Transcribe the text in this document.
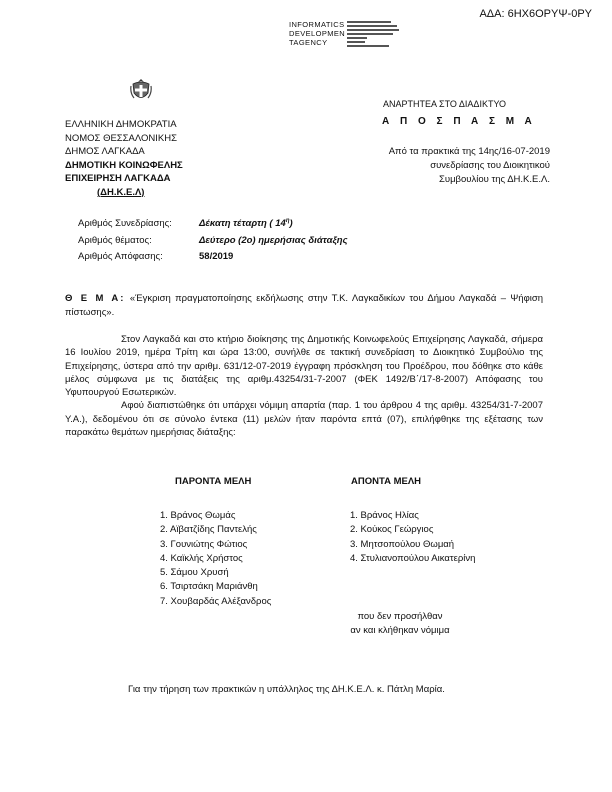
ΑΔΑ: 6ΗΧ6ΟΡΥΨ-0ΡΥ
INFORMATICS
DEVELOPMEN
TAGENCY
ΕΛΛΗΝΙΚΗ ΔΗΜΟΚΡΑΤΙΑ
ΝΟΜΟΣ ΘΕΣΣΑΛΟΝΙΚΗΣ
ΔΗΜΟΣ ΛΑΓΚΑΔΑ
ΔΗΜΟΤΙΚΗ ΚΟΙΝΩΦΕΛΗΣ
ΕΠΙΧΕΙΡΗΣΗ ΛΑΓΚΑΔΑ
(ΔΗ.Κ.Ε.Λ)
ΑΝΑΡΤΗΤΕΑ ΣΤΟ ΔΙΑΔΙΚΤΥΟ
Α Π Ο Σ Π Α Σ Μ Α
Από τα πρακτικά της 14ης/16-07-2019
συνεδρίασης του Διοικητικού
Συμβουλίου της ΔΗ.Κ.Ε.Λ.
Αριθμός Συνεδρίασης:	Δέκατη τέταρτη ( $14^\eta$)
Αριθμός θέματος:	Δεύτερο (2ο) ημερήσιας διάταξης
Αριθμός Απόφασης:	58/2019
Θ Ε Μ Α: «Έγκριση πραγματοποίησης εκδήλωσης στην Τ.Κ. Λαγκαδικίων του Δήμου Λαγκαδά – Ψήφιση πίστωσης».

Στον Λαγκαδά και στο κτήριο διοίκησης της Δημοτικής Κοινωφελούς Επιχείρησης Λαγκαδά, σήμερα 16 Ιουλίου 2019, ημέρα Τρίτη και ώρα 13:00, συνήλθε σε τακτική συνεδρίαση το Διοικητικό Συμβούλιο της Επιχείρησης, ύστερα από την αριθμ. 631/12-07-2019 έγγραφη πρόσκληση του Προέδρου, που δόθηκε στο κάθε μέλος σύμφωνα με τις διατάξεις της αριθμ.43254/31-7-2007 (ΦΕΚ 1492/Β΄/17-8-2007) Απόφασης του Υφυπουργού Εσωτερικών.

Αφού διαπιστώθηκε ότι υπάρχει νόμιμη απαρτία (παρ. 1 του άρθρου 4 της αριθμ. 43254/31-7-2007 Υ.Α.), δεδομένου ότι σε σύνολο έντεκα (11) μελών ήταν παρόντα επτά (07), επιλήφθηκε της εξέτασης των παρακάτω θεμάτων ημερήσιας διάταξης:

ΠΑΡΟΝΤΑ ΜΕΛΗ	ΑΠΟΝΤΑ ΜΕΛΗ
1. Βράνος Θωμάς
2. Αϊβατζίδης Παντελής
3. Γουνιώτης Φώτιος
4. Καϊκλής Χρήστος
5. Σάμου Χρυσή
6. Τσιρτσάκη Μαριάνθη
7. Χουβαρδάς Αλέξανδρος
1. Βράνος Ηλίας
2. Κούκος Γεώργιος
3. Μητσοπούλου Θωμαή
4. Στυλιανοπούλου Αικατερίνη
που δεν προσήλθαν
αν και κλήθηκαν νόμιμα
Για την τήρηση των πρακτικών η υπάλληλος της ΔΗ.Κ.Ε.Λ. κ. Πάτλη Μαρία.
